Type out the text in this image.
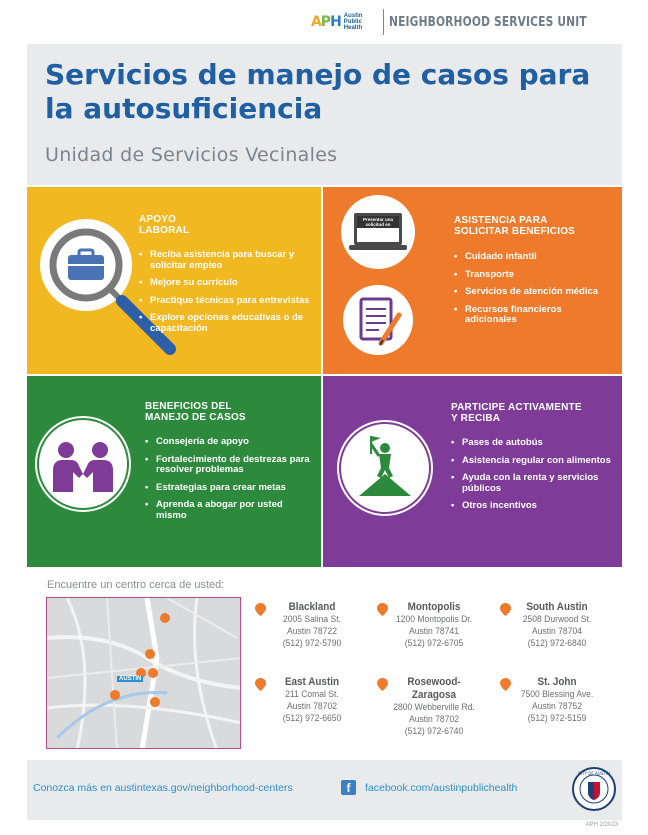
APH Austin Public Health	NEIGHBORHOOD SERVICES UNIT
Servicios de manejo de casos para la autosuficiencia
Unidad de Servicios Vecinales
APOYO
LABORAL
• Reciba asistencia para buscar y solicitar empleo
• Mejore su currículo
• Practique técnicas para entrevistas
• Explore opciones educativas o de capacitación
Presentar una solicitud en línea
ASISTENCIA PARA
SOLICITAR BENEFICIOS
• Cuidado infantil
• Transporte
• Servicios de atención médica
• Recursos financieros adicionales
BENEFICIOS DEL
MANEJO DE CASOS
• Consejería de apoyo
• Fortalecimiento de destrezas para resolver problemas
• Estrategias para crear metas
• Aprenda a abogar por usted mismo
PARTICIPE ACTIVAMENTE
Y RECIBA
• Pases de autobús
• Asistencia regular con alimentos
• Ayuda con la renta y servicios públicos
• Otros incentivos
Encuentre un centro cerca de usted:
AUSTIN
Blackland
2005 Salina St.
Austin 78722
(512) 972-5790
East Austin
211 Comal St.
Austin 78702
(512) 972-6650
Montopolis
1200 Montopolis Dr.
Austin 78741
(512) 972-6705
Rosewood-
Zaragosa
2800 Webberville Rd.
Austin 78702
(512) 972-6740
South Austin
2508 Durwood St.
Austin 78704
(512) 972-6840
St. John
7500 Blessing Ave.
Austin 78752
(512) 972-5159
Conozca más en austintexas.gov/neighborhood-centers	f	facebook.com/austinpublichealth
CITY OF AUSTIN
APH 2/2023
